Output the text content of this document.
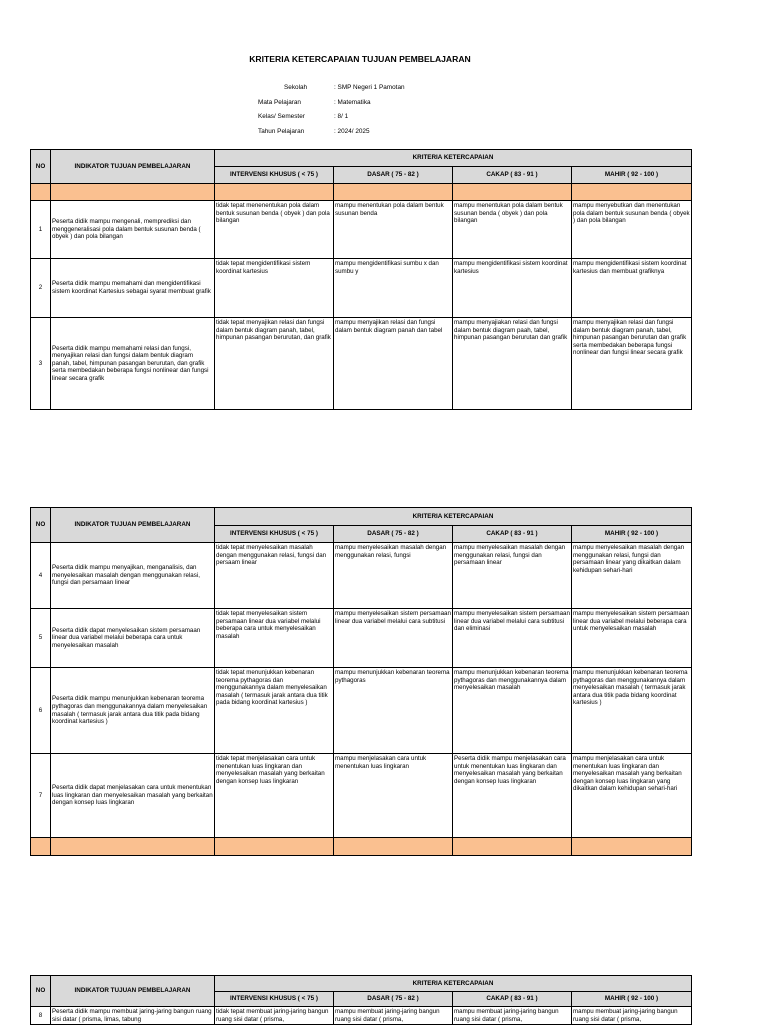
KRITERIA KETERCAPAIAN TUJUAN PEMBELAJARAN
Sekolah	: SMP Negeri 1 Pamotan
Mata Pelajaran	: Matematika
Kelas/ Semester	: 8/ 1
Tahun Pelajaran	: 2024/ 2025
NO	INDIKATOR TUJUAN PEMBELAJARAN	KRITERIA KETERCAPAIAN			
		INTERVENSI KHUSUS ( < 75 )	DASAR ( 75 - 82 )	CAKAP ( 83 - 91 )	MAHIR ( 92 - 100 )

1	Peserta didik mampu mengenali, memprediksi dan menggeneralisasi pola dalam bentuk susunan benda ( obyek ) dan pola bilangan	tidak tepat menenentukan pola dalam bentuk susunan benda ( obyek ) dan pola bilangan	mampu menentukan pola dalam bentuk susunan benda	mampu menentukan pola dalam bentuk susunan benda ( obyek ) dan pola bilangan	mampu menyebutkan dan menentukan pola dalam bentuk susunan benda ( obyek ) dan pola bilangan
2	Peserta didik mampu memahami dan mengidentifikasi sistem koordinat Kartesius sebagai syarat membuat grafik	tidak tepat mengidentifikasi sistem koordinat kartesius	mampu mengidentifikasi sumbu x dan sumbu y	mampu mengidentifikasi sistem koordinat kartesius	mampu mengidentifikasi sistem koordinat kartesius dan membuat grafiknya
3	Peserta didik mampu memahami relasi dan fungsi, menyajikan relasi dan fungsi dalam bentuk diagram panah, tabel, himpunan pasangan berurutan, dan grafik serta membedakan beberapa fungsi nonlinear dan fungsi linear secara grafik	tidak tepat menyajikan relasi dan fungsi dalam bentuk diagram panah, tabel, himpunan pasangan berurutan, dan grafik	mampu menyajikan relasi dan fungsi dalam bentuk diagram panah dan tabel	mampu menyajiakan relasi dan fungsi dalam bentuk diagram paah, tabel, himpunan pasangan berurutan dan grafik	mampu menyajikan relasi dan fungsi dalam bentuk diagram panah, tabel, himpunan pasangan berurutan dan grafik serta membedakan beberapa fungsi nonlinear dan fungsi linear secara grafik
NO	INDIKATOR TUJUAN PEMBELAJARAN	KRITERIA KETERCAPAIAN			
		INTERVENSI KHUSUS ( < 75 )	DASAR ( 75 - 82 )	CAKAP ( 83 - 91 )	MAHIR ( 92 - 100 )
4	Peserta didik mampu menyajikan, menganalisis, dan menyelesaikan masalah dengan menggunakan relasi, fungsi dan persamaan linear	tidak tepat menyelesaikan masalah dengan menggunakan relasi, fungsi dan persaam linear	mampu menyelesaikan masalah dengan menggunakan relasi, fungsi	mampu menyelesaikan masalah dengan menggunakan relasi, fungsi dan persamaan linear	mampu menyelesaikan masalah dengan menggunakan relasi, fungsi dan persamaan linear yang dikaitkan dalam kehidupan sehari-hari
5	Peserta didik dapat menyelesaikan sistem persamaan linear dua variabel melalui beberapa cara untuk menyelesaikan masalah	tidak tepat menyelesaikan sistem persamaan linear dua variabel melalui beberapa cara untuk menyelesaikan masalah	mampu menyelesaikan sistem persamaan linear dua variabel melalui cara subtitusi	mampu menyelesaikan sistem persamaan linear dua variabel melalui cara subtitusi dan eliminasi	mampu menyelesaikan sistem persamaan linear dua variabel melalui beberapa cara untuk menyelesaikan masalah
6	Peserta didik mampu menunjukkan kebenaran teorema pythagoras dan menggunakannya dalam menyelesaikan masalah ( termasuk jarak antara dua titik pada bidang koordinat kartesius )	tidak tepat menunjukkan kebenaran teorema pythagoras dan menggunakannya dalam menyelesaikan masalah ( termasuk jarak antara dua titik pada bidang koordinat kartesius )	mampu menunjukkan kebenaran teorema pythagoras	mampu menunjukkan kebenaran teorema pythagoras dan menggunakannya dalam menyelesaikan masalah	mampu menunjukkan kebenaran teorema pythagoras dan menggunakannya dalam menyelesaikan masalah ( termasuk jarak antara dua titik pada bidang koordinat kartesius )
7	Peserta didik dapat menjelasakan cara untuk menentukan luas lingkaran dan menyelesaikan masalah yang berkaitan dengan konsep luas lingkaran	tidak tepat menjelasakan cara untuk menentukan luas lingkaran dan menyelesaikan masalah yang berkaitan dengan konsep luas lingkaran	mampu menjelasakan cara untuk menentukan luas lingkaran	Peserta didik mampu menjelasakan cara untuk menentukan luas lingkaran dan menyelesaikan masalah yang berkaitan dengan konsep luas lingkaran	mampu menjelasakan cara untuk menentukan luas lingkaran dan menyelesaikan masalah yang berkaitan dengan konsep luas lingkaran yang dikaitkan dalam kehidupan sehari-hari

NO	INDIKATOR TUJUAN PEMBELAJARAN	KRITERIA KETERCAPAIAN			
		INTERVENSI KHUSUS ( < 75 )	DASAR ( 75 - 82 )	CAKAP ( 83 - 91 )	MAHIR ( 92 - 100 )
8	Peserta didik mampu membuat jaring-jaring bangun ruang sisi datar ( prisma, limas, tabung	tidak tepat membuat jaring-jaring bangun ruang sisi datar ( prisma,	mampu membuat jaring-jaring bangun ruang sisi datar ( prisma,	mampu membuat jaring-jaring bangun ruang sisi datar ( prisma,	mampu membuat jaring-jaring bangun ruang sisi datar ( prisma,
